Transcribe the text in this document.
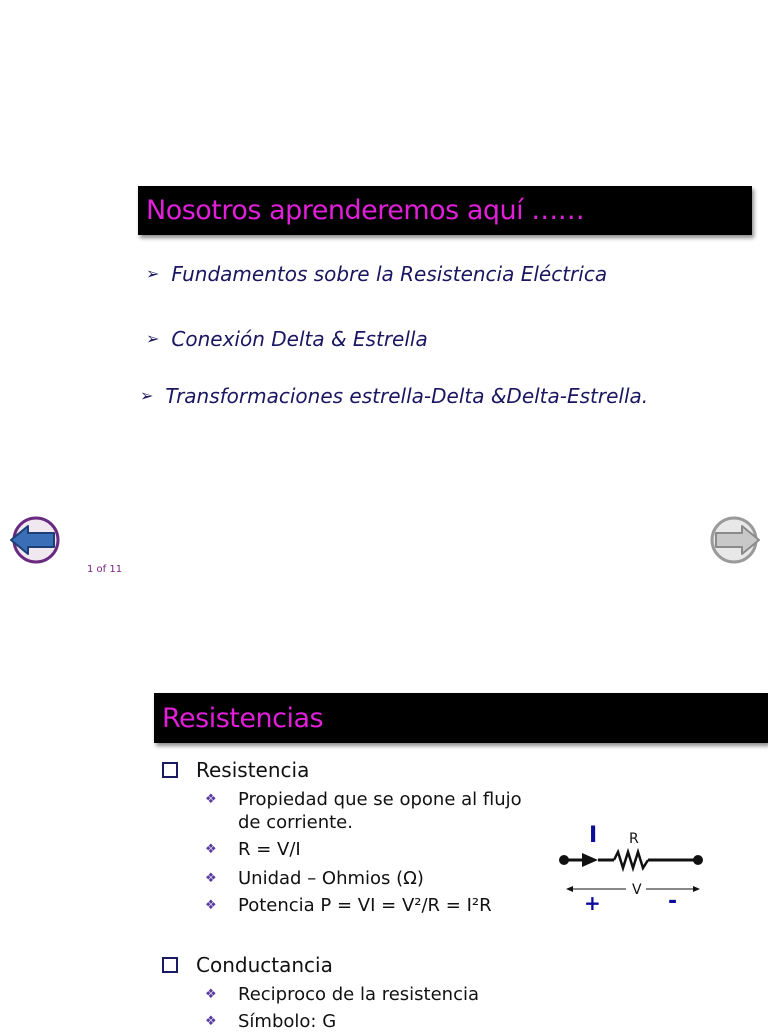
Nosotros aprenderemos aquí ……
➢ Fundamentos sobre la Resistencia Eléctrica
➢ Conexión Delta & Estrella
➢ Transformaciones estrella-Delta &Delta-Estrella.
1 of 11
Resistencias
Resistencia
❖ Propiedad que se opone al flujo
de corriente.
❖ R = V/I
❖ Unidad – Ohmios (Ω)
❖ Potencia P = VI = V²/R = I²R
I R
V
+	-
Conductancia
❖ Reciproco de la resistencia
❖ Símbolo: G
